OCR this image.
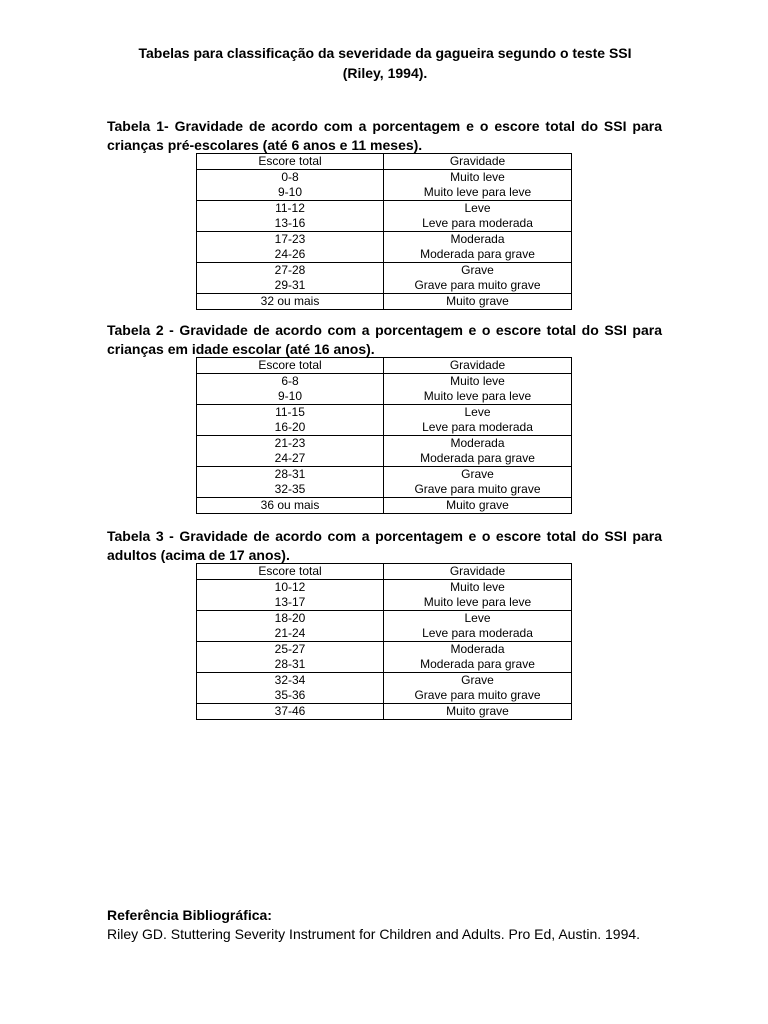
Tabelas para classificação da severidade da gagueira segundo o teste SSI
(Riley, 1994).
Tabela 1- Gravidade de acordo com a porcentagem e o escore total do SSI para crianças pré-escolares (até 6 anos e 11 meses).
Escore total	Gravidade
0-8	Muito leve
9-10	Muito leve para leve
11-12	Leve
13-16	Leve para moderada
17-23	Moderada
24-26	Moderada para grave
27-28	Grave
29-31	Grave para muito grave
32 ou mais	Muito grave
Tabela 2 - Gravidade de acordo com a porcentagem e o escore total do SSI para crianças em idade escolar (até 16 anos).
Escore total	Gravidade
6-8	Muito leve
9-10	Muito leve para leve
11-15	Leve
16-20	Leve para moderada
21-23	Moderada
24-27	Moderada para grave
28-31	Grave
32-35	Grave para muito grave
36 ou mais	Muito grave
Tabela 3 - Gravidade de acordo com a porcentagem e o escore total do SSI para adultos (acima de 17 anos).
Escore total	Gravidade
10-12	Muito leve
13-17	Muito leve para leve
18-20	Leve
21-24	Leve para moderada
25-27	Moderada
28-31	Moderada para grave
32-34	Grave
35-36	Grave para muito grave
37-46	Muito grave
Referência Bibliográfica:
Riley GD. Stuttering Severity Instrument for Children and Adults. Pro Ed, Austin. 1994.
